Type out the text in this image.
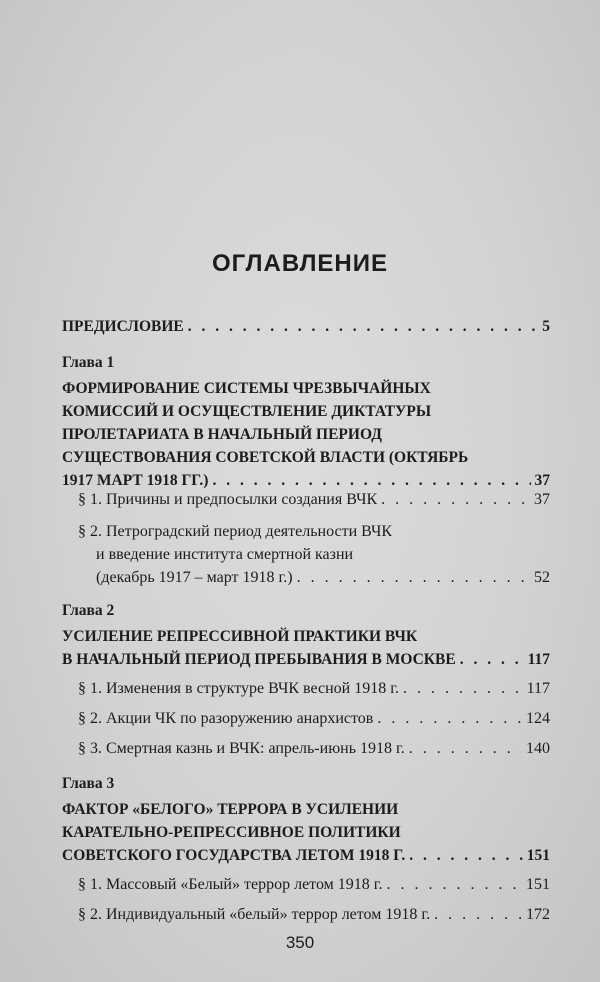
ОГЛАВЛЕНИЕ
ПРЕДИСЛОВИЕ . . .	5
Глава 1
ФОРМИРОВАНИЕ СИСТЕМЫ ЧРЕЗВЫЧАЙНЫХ
КОМИССИЙ И ОСУЩЕСТВЛЕНИЕ ДИКТАТУРЫ
ПРОЛЕТАРИАТА В НАЧАЛЬНЫЙ ПЕРИОД
СУЩЕСТВОВАНИЯ СОВЕТСКОЙ ВЛАСТИ (ОКТЯБРЬ
1917 МАРТ 1918 ГГ.) . . .	37
§ 1. Причины и предпосылки создания ВЧК . . .	37
§ 2. Петроградский период деятельности ВЧК
и введение института смертной казни
(декабрь 1917 – март 1918 г.) . . .	52
Глава 2
УСИЛЕНИЕ РЕПРЕССИВНОЙ ПРАКТИКИ ВЧК
В НАЧАЛЬНЫЙ ПЕРИОД ПРЕБЫВАНИЯ В МОСКВЕ . . .	117
§ 1. Изменения в структуре ВЧК весной 1918 г. . . .	117
§ 2. Акции ЧК по разоружению анархистов . . .	124
§ 3. Смертная казнь и ВЧК: апрель-июнь 1918 г. . . .	140
Глава 3
ФАКТОР «БЕЛОГО» ТЕРРОРА В УСИЛЕНИИ
КАРАТЕЛЬНО-РЕПРЕССИВНОЕ ПОЛИТИКИ
СОВЕТСКОГО ГОСУДАРСТВА ЛЕТОМ 1918 Г. . . .	151
§ 1. Массовый «Белый» террор летом 1918 г. . . .	151
§ 2. Индивидуальный «белый» террор летом 1918 г. . . .	172
350
